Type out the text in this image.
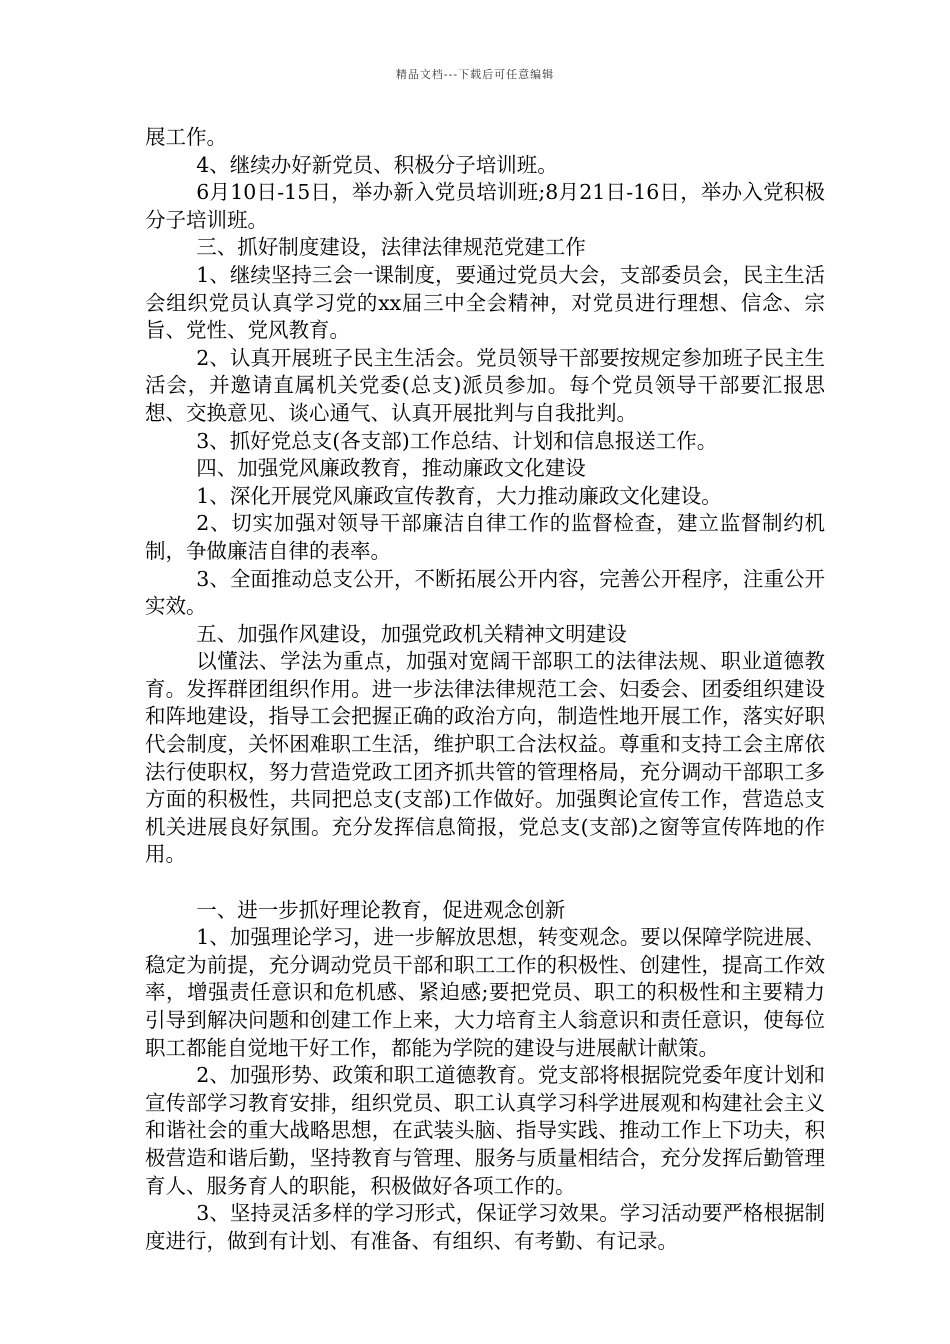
精品文档---下载后可任意编辑

展工作。

4、继续办好新党员、积极分子培训班。

6月10日-15日，举办新入党员培训班;8月21日-16日，举办入党积极分子培训班。

三、抓好制度建设，法律法律规范党建工作

1、继续坚持三会一课制度，要通过党员大会，支部委员会，民主生活会组织党员认真学习党的xx届三中全会精神，对党员进行理想、信念、宗旨、党性、党风教育。

2、认真开展班子民主生活会。党员领导干部要按规定参加班子民主生活会，并邀请直属机关党委(总支)派员参加。每个党员领导干部要汇报思想、交换意见、谈心通气、认真开展批判与自我批判。

3、抓好党总支(各支部)工作总结、计划和信息报送工作。

四、加强党风廉政教育，推动廉政文化建设

1、深化开展党风廉政宣传教育，大力推动廉政文化建设。

2、切实加强对领导干部廉洁自律工作的监督检查，建立监督制约机制，争做廉洁自律的表率。

3、全面推动总支公开，不断拓展公开内容，完善公开程序，注重公开实效。

五、加强作风建设，加强党政机关精神文明建设

以懂法、学法为重点，加强对宽阔干部职工的法律法规、职业道德教育。发挥群团组织作用。进一步法律法律规范工会、妇委会、团委组织建设和阵地建设，指导工会把握正确的政治方向，制造性地开展工作，落实好职代会制度，关怀困难职工生活，维护职工合法权益。尊重和支持工会主席依法行使职权，努力营造党政工团齐抓共管的管理格局，充分调动干部职工多方面的积极性，共同把总支(支部)工作做好。加强舆论宣传工作，营造总支机关进展良好氛围。充分发挥信息简报，党总支(支部)之窗等宣传阵地的作用。

一、进一步抓好理论教育，促进观念创新

1、加强理论学习，进一步解放思想，转变观念。要以保障学院进展、稳定为前提，充分调动党员干部和职工工作的积极性、创建性，提高工作效率，增强责任意识和危机感、紧迫感;要把党员、职工的积极性和主要精力引导到解决问题和创建工作上来，大力培育主人翁意识和责任意识，使每位职工都能自觉地干好工作，都能为学院的建设与进展献计献策。

2、加强形势、政策和职工道德教育。党支部将根据院党委年度计划和宣传部学习教育安排，组织党员、职工认真学习科学进展观和构建社会主义和谐社会的重大战略思想，在武装头脑、指导实践、推动工作上下功夫，积极营造和谐后勤，坚持教育与管理、服务与质量相结合，充分发挥后勤管理育人、服务育人的职能，积极做好各项工作的。

3、坚持灵活多样的学习形式，保证学习效果。学习活动要严格根据制度进行，做到有计划、有准备、有组织、有考勤、有记录。
